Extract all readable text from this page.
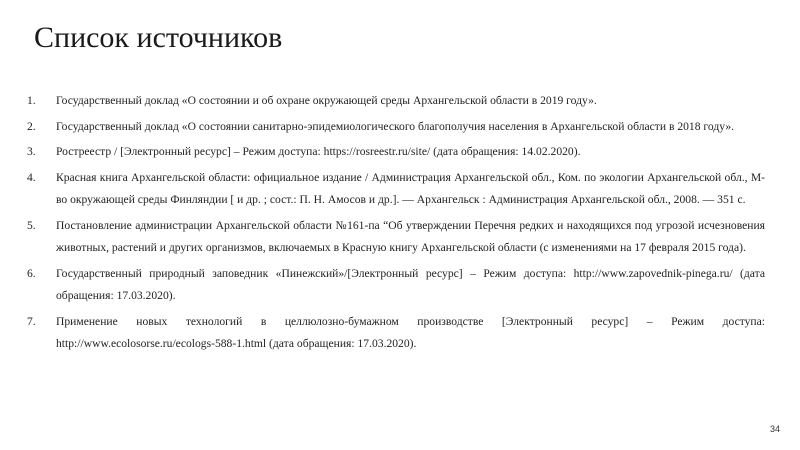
Список источников
1. Государственный доклад «О состоянии и об охране окружающей среды Архангельской области в 2019 году».
2. Государственный доклад «О состоянии санитарно-эпидемиологического благополучия населения в Архангельской области в 2018 году».
3. Ростреестр / [Электронный ресурс] – Режим доступа: https://rosreestr.ru/site/ (дата обращения: 14.02.2020).
4. Красная книга Архангельской области: официальное издание / Администрация Архангельской обл., Ком. по экологии Архангельской обл., М-во окружающей среды Финляндии [ и др. ; сост.: П. Н. Амосов и др.]. — Архангельск : Администрация Архангельской обл., 2008. — 351 с.
5. Постановление администрации Архангельской области №161-па “Об утверждении Перечня редких и находящихся под угрозой исчезновения животных, растений и других организмов, включаемых в Красную книгу Архангельской области (с изменениями на 17 февраля 2015 года).
6. Государственный природный заповедник «Пинежский»/[Электронный ресурс] – Режим доступа: http://www.zapovednik-pinega.ru/ (дата обращения: 17.03.2020).
7. Применение новых технологий в целлюлозно-бумажном производстве [Электронный ресурс] – Режим доступа: http://www.ecolosorse.ru/ecologs-588-1.html (дата обращения: 17.03.2020).
34
